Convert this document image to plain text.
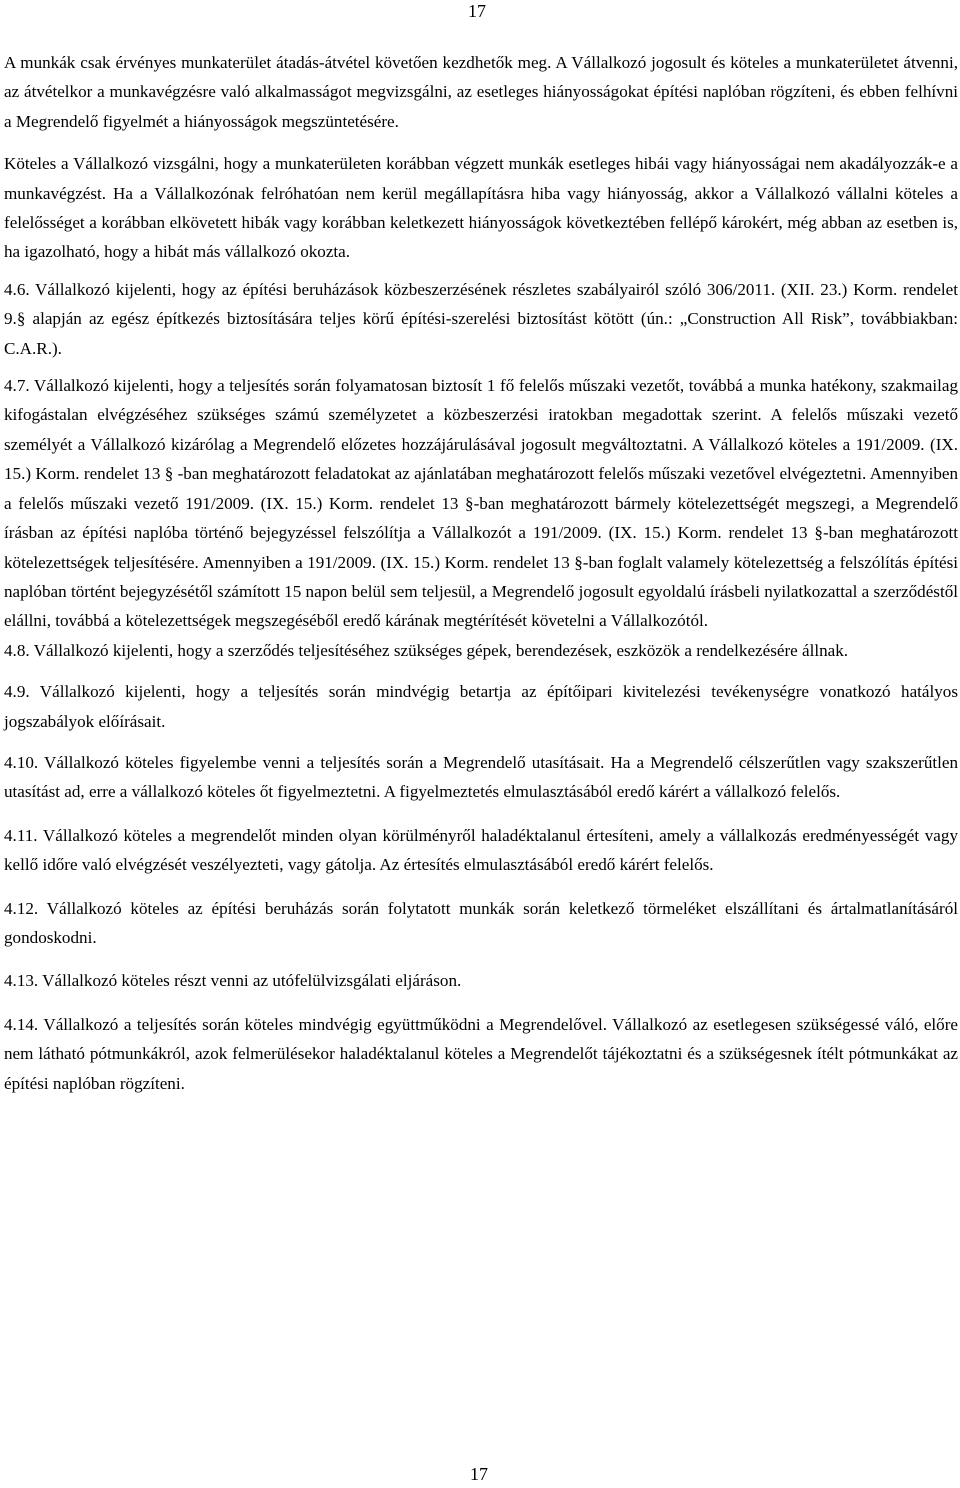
17

A munkák csak érvényes munkaterület átadás-átvétel követően kezdhetők meg. A Vállalkozó jogosult és köteles a munkaterületet átvenni, az átvételkor a munkavégzésre való alkalmasságot megvizsgálni, az esetleges hiányosságokat építési naplóban rögzíteni, és ebben felhívni a Megrendelő figyelmét a hiányosságok megszüntetésére.

Köteles a Vállalkozó vizsgálni, hogy a munkaterületen korábban végzett munkák esetleges hibái vagy hiányosságai nem akadályozzák-e a munkavégzést. Ha a Vállalkozónak felróhatóan nem kerül megállapításra hiba vagy hiányosság, akkor a Vállalkozó vállalni köteles a felelősséget a korábban elkövetett hibák vagy korábban keletkezett hiányosságok következtében fellépő károkért, még abban az esetben is, ha igazolható, hogy a hibát más vállalkozó okozta.

4.6. Vállalkozó kijelenti, hogy az építési beruházások közbeszerzésének részletes szabályairól szóló 306/2011. (XII. 23.) Korm. rendelet 9.§ alapján az egész építkezés biztosítására teljes körű építési-szerelési biztosítást kötött (ún.: „Construction All Risk”, továbbiakban: C.A.R.).

4.7. Vállalkozó kijelenti, hogy a teljesítés során folyamatosan biztosít 1 fő felelős műszaki vezetőt, továbbá a munka hatékony, szakmailag kifogástalan elvégzéséhez szükséges számú személyzetet a közbeszerzési iratokban megadottak szerint. A felelős műszaki vezető személyét a Vállalkozó kizárólag a Megrendelő előzetes hozzájárulásával jogosult megváltoztatni. A Vállalkozó köteles a 191/2009. (IX. 15.) Korm. rendelet 13 § -ban meghatározott feladatokat az ajánlatában meghatározott felelős műszaki vezetővel elvégeztetni. Amennyiben a felelős műszaki vezető 191/2009. (IX. 15.) Korm. rendelet 13 §-ban meghatározott bármely kötelezettségét megszegi, a Megrendelő írásban az építési naplóba történő bejegyzéssel felszólítja a Vállalkozót a 191/2009. (IX. 15.) Korm. rendelet 13 §-ban meghatározott kötelezettségek teljesítésére. Amennyiben a 191/2009. (IX. 15.) Korm. rendelet 13 §-ban foglalt valamely kötelezettség a felszólítás építési naplóban történt bejegyzésétől számított 15 napon belül sem teljesül, a Megrendelő jogosult egyoldalú írásbeli nyilatkozattal a szerződéstől elállni, továbbá a kötelezettségek megszegéséből eredő kárának megtérítését követelni a Vállalkozótól.

4.8. Vállalkozó kijelenti, hogy a szerződés teljesítéséhez szükséges gépek, berendezések, eszközök a rendelkezésére állnak.

4.9. Vállalkozó kijelenti, hogy a teljesítés során mindvégig betartja az építőipari kivitelezési tevékenységre vonatkozó hatályos jogszabályok előírásait.

4.10. Vállalkozó köteles figyelembe venni a teljesítés során a Megrendelő utasításait. Ha a Megrendelő célszerűtlen vagy szakszerűtlen utasítást ad, erre a vállalkozó köteles őt figyelmeztetni. A figyelmeztetés elmulasztásából eredő kárért a vállalkozó felelős.

4.11. Vállalkozó köteles a megrendelőt minden olyan körülményről haladéktalanul értesíteni, amely a vállalkozás eredményességét vagy kellő időre való elvégzését veszélyezteti, vagy gátolja. Az értesítés elmulasztásából eredő kárért felelős.

4.12. Vállalkozó köteles az építési beruházás során folytatott munkák során keletkező törmeléket elszállítani és ártalmatlanításáról gondoskodni.

4.13. Vállalkozó köteles részt venni az utófelülvizsgálati eljáráson.

4.14. Vállalkozó a teljesítés során köteles mindvégig együttműködni a Megrendelővel. Vállalkozó az esetlegesen szükségessé váló, előre nem látható pótmunkákról, azok felmerülésekor haladéktalanul köteles a Megrendelőt tájékoztatni és a szükségesnek ítélt pótmunkákat az építési naplóban rögzíteni.

17
